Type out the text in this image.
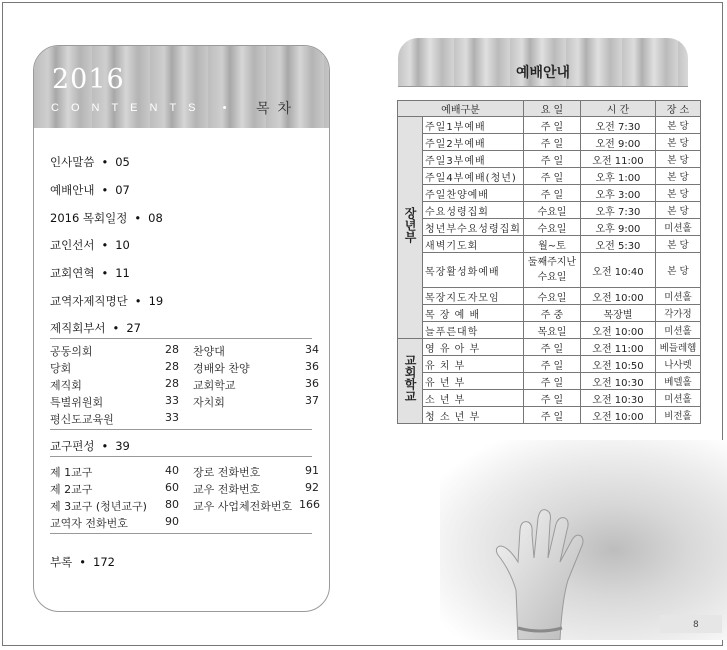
2016
CONTENTS • 목차
인사말씀 • 05
예배안내 • 07
2016 목회일정 • 08
교인선서 • 10
교회연혁 • 11
교역자제직명단 • 19
제직회부서 • 27
공동의회	28 찬양대	34
당회	28 경배와 찬양	36
제직회	28 교회학교	36
특별위원회	33 자치회	37
평신도교육원	33
교구편성 • 39
제 1교구	40 장로 전화번호	91
제 2교구	60 교우 전화번호	92
제 3교구 (청년교구)	80 교우 사업체전화번호 166
교역자 전화번호	90
부록 • 172
예배안내
예배구분		요 일	시 간	장 소
장년부	주일1부예배	주 일	오전 7:30	본 당
	주일2부예배	주 일	오전 9:00	본 당
	주일3부예배	주 일	오전 11:00	본 당
	주일4부예배(청년)	주 일	오후 1:00	본 당
	주일찬양예배	주 일	오후 3:00	본 당
	수요성령집회	수요일	오후 7:30	본 당
	청년부수요성령집회	수요일	오후 9:00	미션홀
	새벽기도회	월~토	오전 5:30	본 당
	목장활성화예배	둘째주지난 수요일	오전 10:40	본 당
	목장지도자모임	수요일	오전 10:00	미션홀
	목 장 예 배	주 중	목장별	각가정
	늘푸른대학	목요일	오전 10:00	미션홀
교회학교	영 유 아 부	주 일	오전 11:00	베들레헴
	유 치 부	주 일	오전 10:50	나사렛
	유 년 부	주 일	오전 10:30	베델홀
	소 년 부	주 일	오전 10:30	미션홀
	청 소 년 부	주 일	오전 10:00	비전홀
8
